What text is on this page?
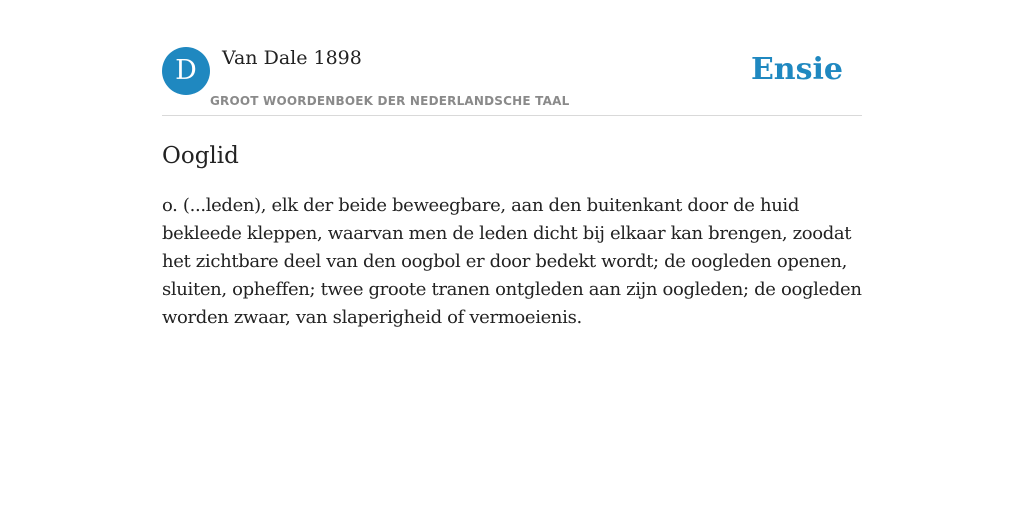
D	Van Dale 1898
GROOT WOORDENBOEK DER NEDERLANDSCHE TAAL
Ensie
Ooglid

o. (...leden), elk der beide beweegbare, aan den buitenkant door de huid bekleede kleppen, waarvan men de leden dicht bij elkaar kan brengen, zoodat het zichtbare deel van den oogbol er door bedekt wordt; de oogleden openen, sluiten, opheffen; twee groote tranen ontgleden aan zijn oogleden; de oogleden worden zwaar, van slaperigheid of vermoeienis.
